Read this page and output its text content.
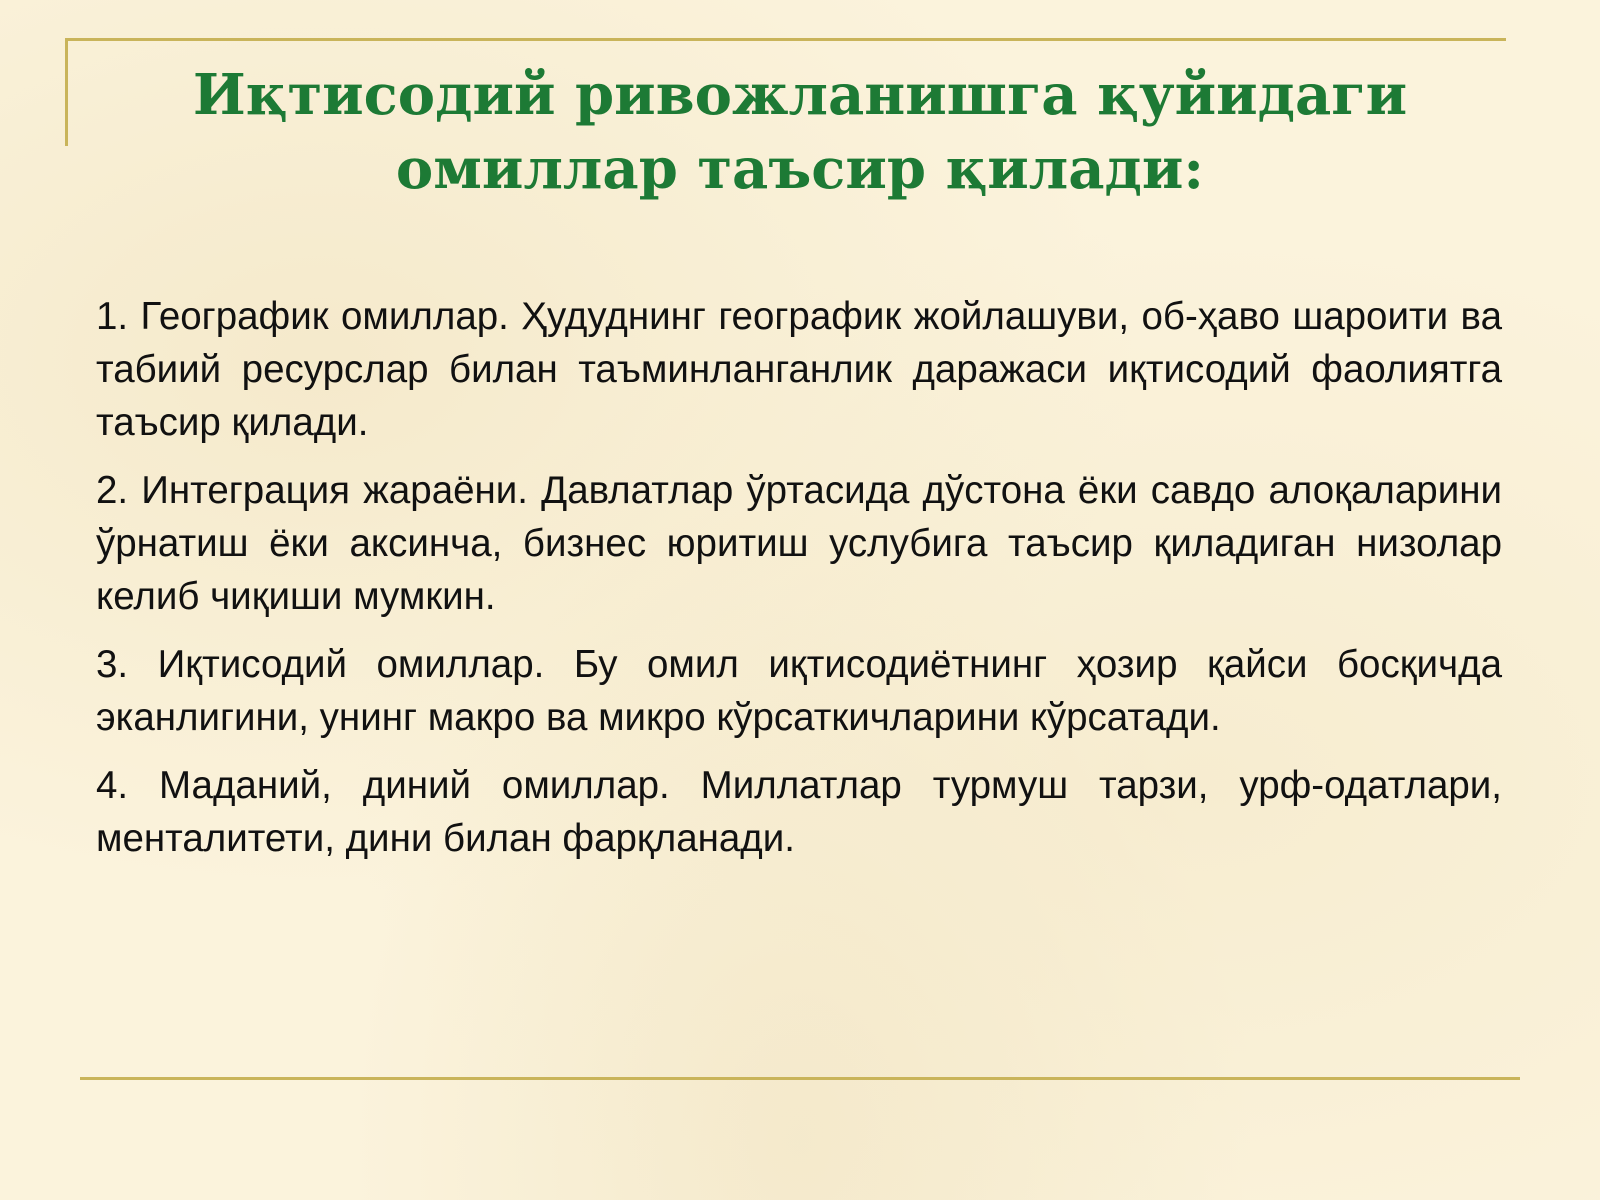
Иқтисодий ривожланишга қуйидаги омиллар таъсир қилади:

1. Географик омиллар. Ҳудуднинг географик жойлашуви, об-ҳаво шароити ва табиий ресурслар билан таъминланганлик даражаси иқтисодий фаолиятга таъсир қилади.

2. Интеграция жараёни. Давлатлар ўртасида дўстона ёки савдо алоқаларини ўрнатиш ёки аксинча, бизнес юритиш услубига таъсир қиладиган низолар келиб чиқиши мумкин.

3. Иқтисодий омиллар. Бу омил иқтисодиётнинг ҳозир қайси босқичда эканлигини, унинг макро ва микро кўрсаткичларини кўрсатади.

4. Маданий, диний омиллар. Миллатлар турмуш тарзи, урф-одатлари, менталитети, дини билан фарқланади.
